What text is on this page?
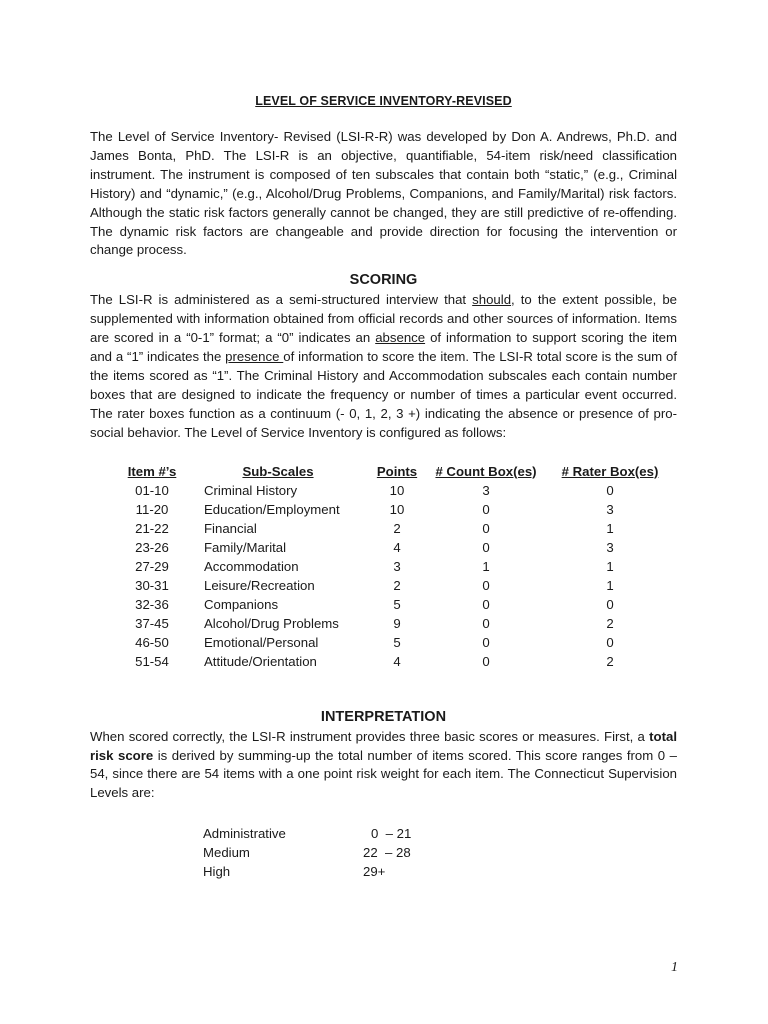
LEVEL OF SERVICE INVENTORY-REVISED

The Level of Service Inventory- Revised (LSI-R-R) was developed by Don A. Andrews, Ph.D. and James Bonta, PhD. The LSI-R is an objective, quantifiable, 54-item risk/need classification instrument. The instrument is composed of ten subscales that contain both “static,” (e.g., Criminal History) and “dynamic,” (e.g., Alcohol/Drug Problems, Companions, and Family/Marital) risk factors. Although the static risk factors generally cannot be changed, they are still predictive of re-offending. The dynamic risk factors are changeable and provide direction for focusing the intervention or change process.

SCORING

The LSI-R is administered as a semi-structured interview that should, to the extent possible, be supplemented with information obtained from official records and other sources of information. Items are scored in a “0-1” format; a “0” indicates an absence of information to support scoring the item and a “1” indicates the presence of information to score the item. The LSI-R total score is the sum of the items scored as “1”. The Criminal History and Accommodation subscales each contain number boxes that are designed to indicate the frequency or number of times a particular event occurred. The rater boxes function as a continuum (- 0, 1, 2, 3 +) indicating the absence or presence of pro-social behavior. The Level of Service Inventory is configured as follows:

Item #’s	Sub-Scales	Points	# Count Box(es)	# Rater Box(es)
01-10	Criminal History	10	3	0
11-20	Education/Employment	10	0	3
21-22	Financial	2	0	1
23-26	Family/Marital	4	0	3
27-29	Accommodation	3	1	1
30-31	Leisure/Recreation	2	0	1
32-36	Companions	5	0	0
37-45	Alcohol/Drug Problems	9	0	2
46-50	Emotional/Personal	5	0	0
51-54	Attitude/Orientation	4	0	2
INTERPRETATION

When scored correctly, the LSI-R instrument provides three basic scores or measures. First, a total risk score is derived by summing-up the total number of items scored. This score ranges from 0 – 54, since there are 54 items with a one point risk weight for each item. The Connecticut Supervision Levels are:

Administrative	0  – 21
Medium	22  – 28
High	29+
1
